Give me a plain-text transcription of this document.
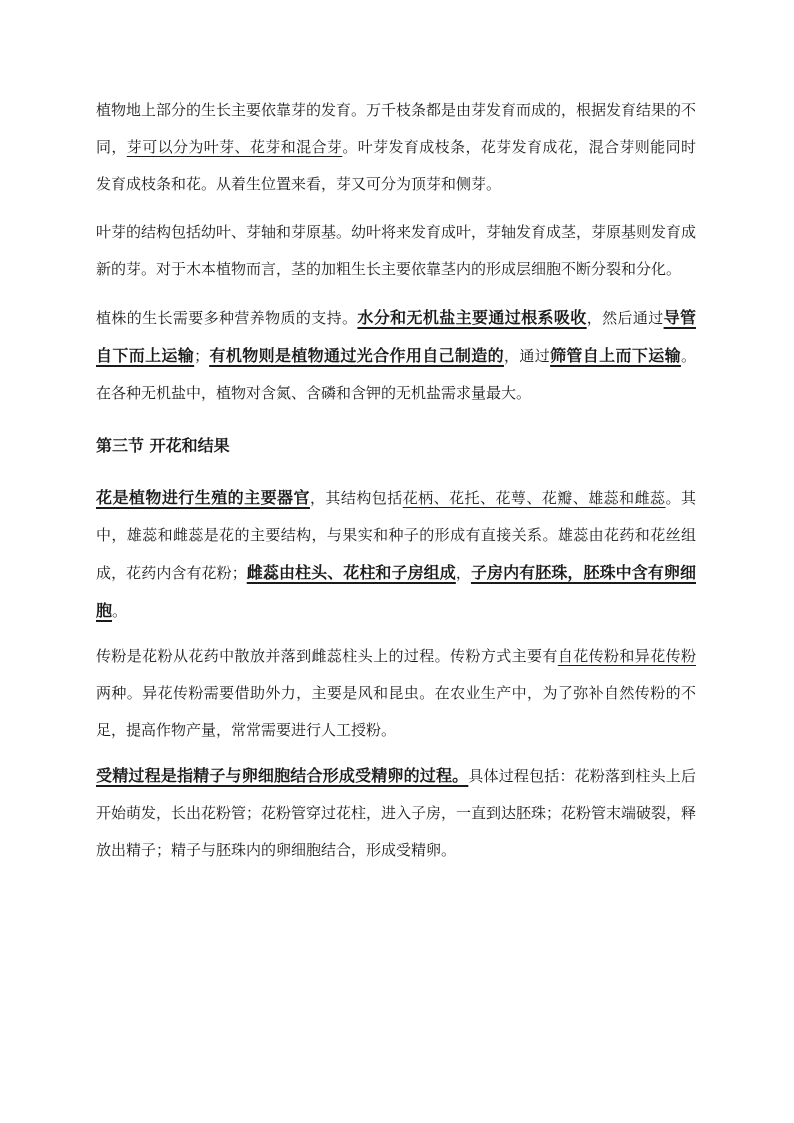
植物地上部分的生长主要依靠芽的发育。万千枝条都是由芽发育而成的，根据发育结果的不同，芽可以分为叶芽、花芽和混合芽。叶芽发育成枝条，花芽发育成花，混合芽则能同时发育成枝条和花。从着生位置来看，芽又可分为顶芽和侧芽。

叶芽的结构包括幼叶、芽轴和芽原基。幼叶将来发育成叶，芽轴发育成茎，芽原基则发育成新的芽。对于木本植物而言，茎的加粗生长主要依靠茎内的形成层细胞不断分裂和分化。

植株的生长需要多种营养物质的支持。水分和无机盐主要通过根系吸收，然后通过导管自下而上运输；有机物则是植物通过光合作用自己制造的，通过筛管自上而下运输。在各种无机盐中，植物对含氮、含磷和含钾的无机盐需求量最大。

第三节 开花和结果

花是植物进行生殖的主要器官，其结构包括花柄、花托、花萼、花瓣、雄蕊和雌蕊。其中，雄蕊和雌蕊是花的主要结构，与果实和种子的形成有直接关系。雄蕊由花药和花丝组成，花药内含有花粉；雌蕊由柱头、花柱和子房组成，子房内有胚珠，胚珠中含有卵细胞。

传粉是花粉从花药中散放并落到雌蕊柱头上的过程。传粉方式主要有自花传粉和异花传粉两种。异花传粉需要借助外力，主要是风和昆虫。在农业生产中，为了弥补自然传粉的不足，提高作物产量，常常需要进行人工授粉。

受精过程是指精子与卵细胞结合形成受精卵的过程。具体过程包括：花粉落到柱头上后开始萌发，长出花粉管；花粉管穿过花柱，进入子房，一直到达胚珠；花粉管末端破裂，释放出精子；精子与胚珠内的卵细胞结合，形成受精卵。
